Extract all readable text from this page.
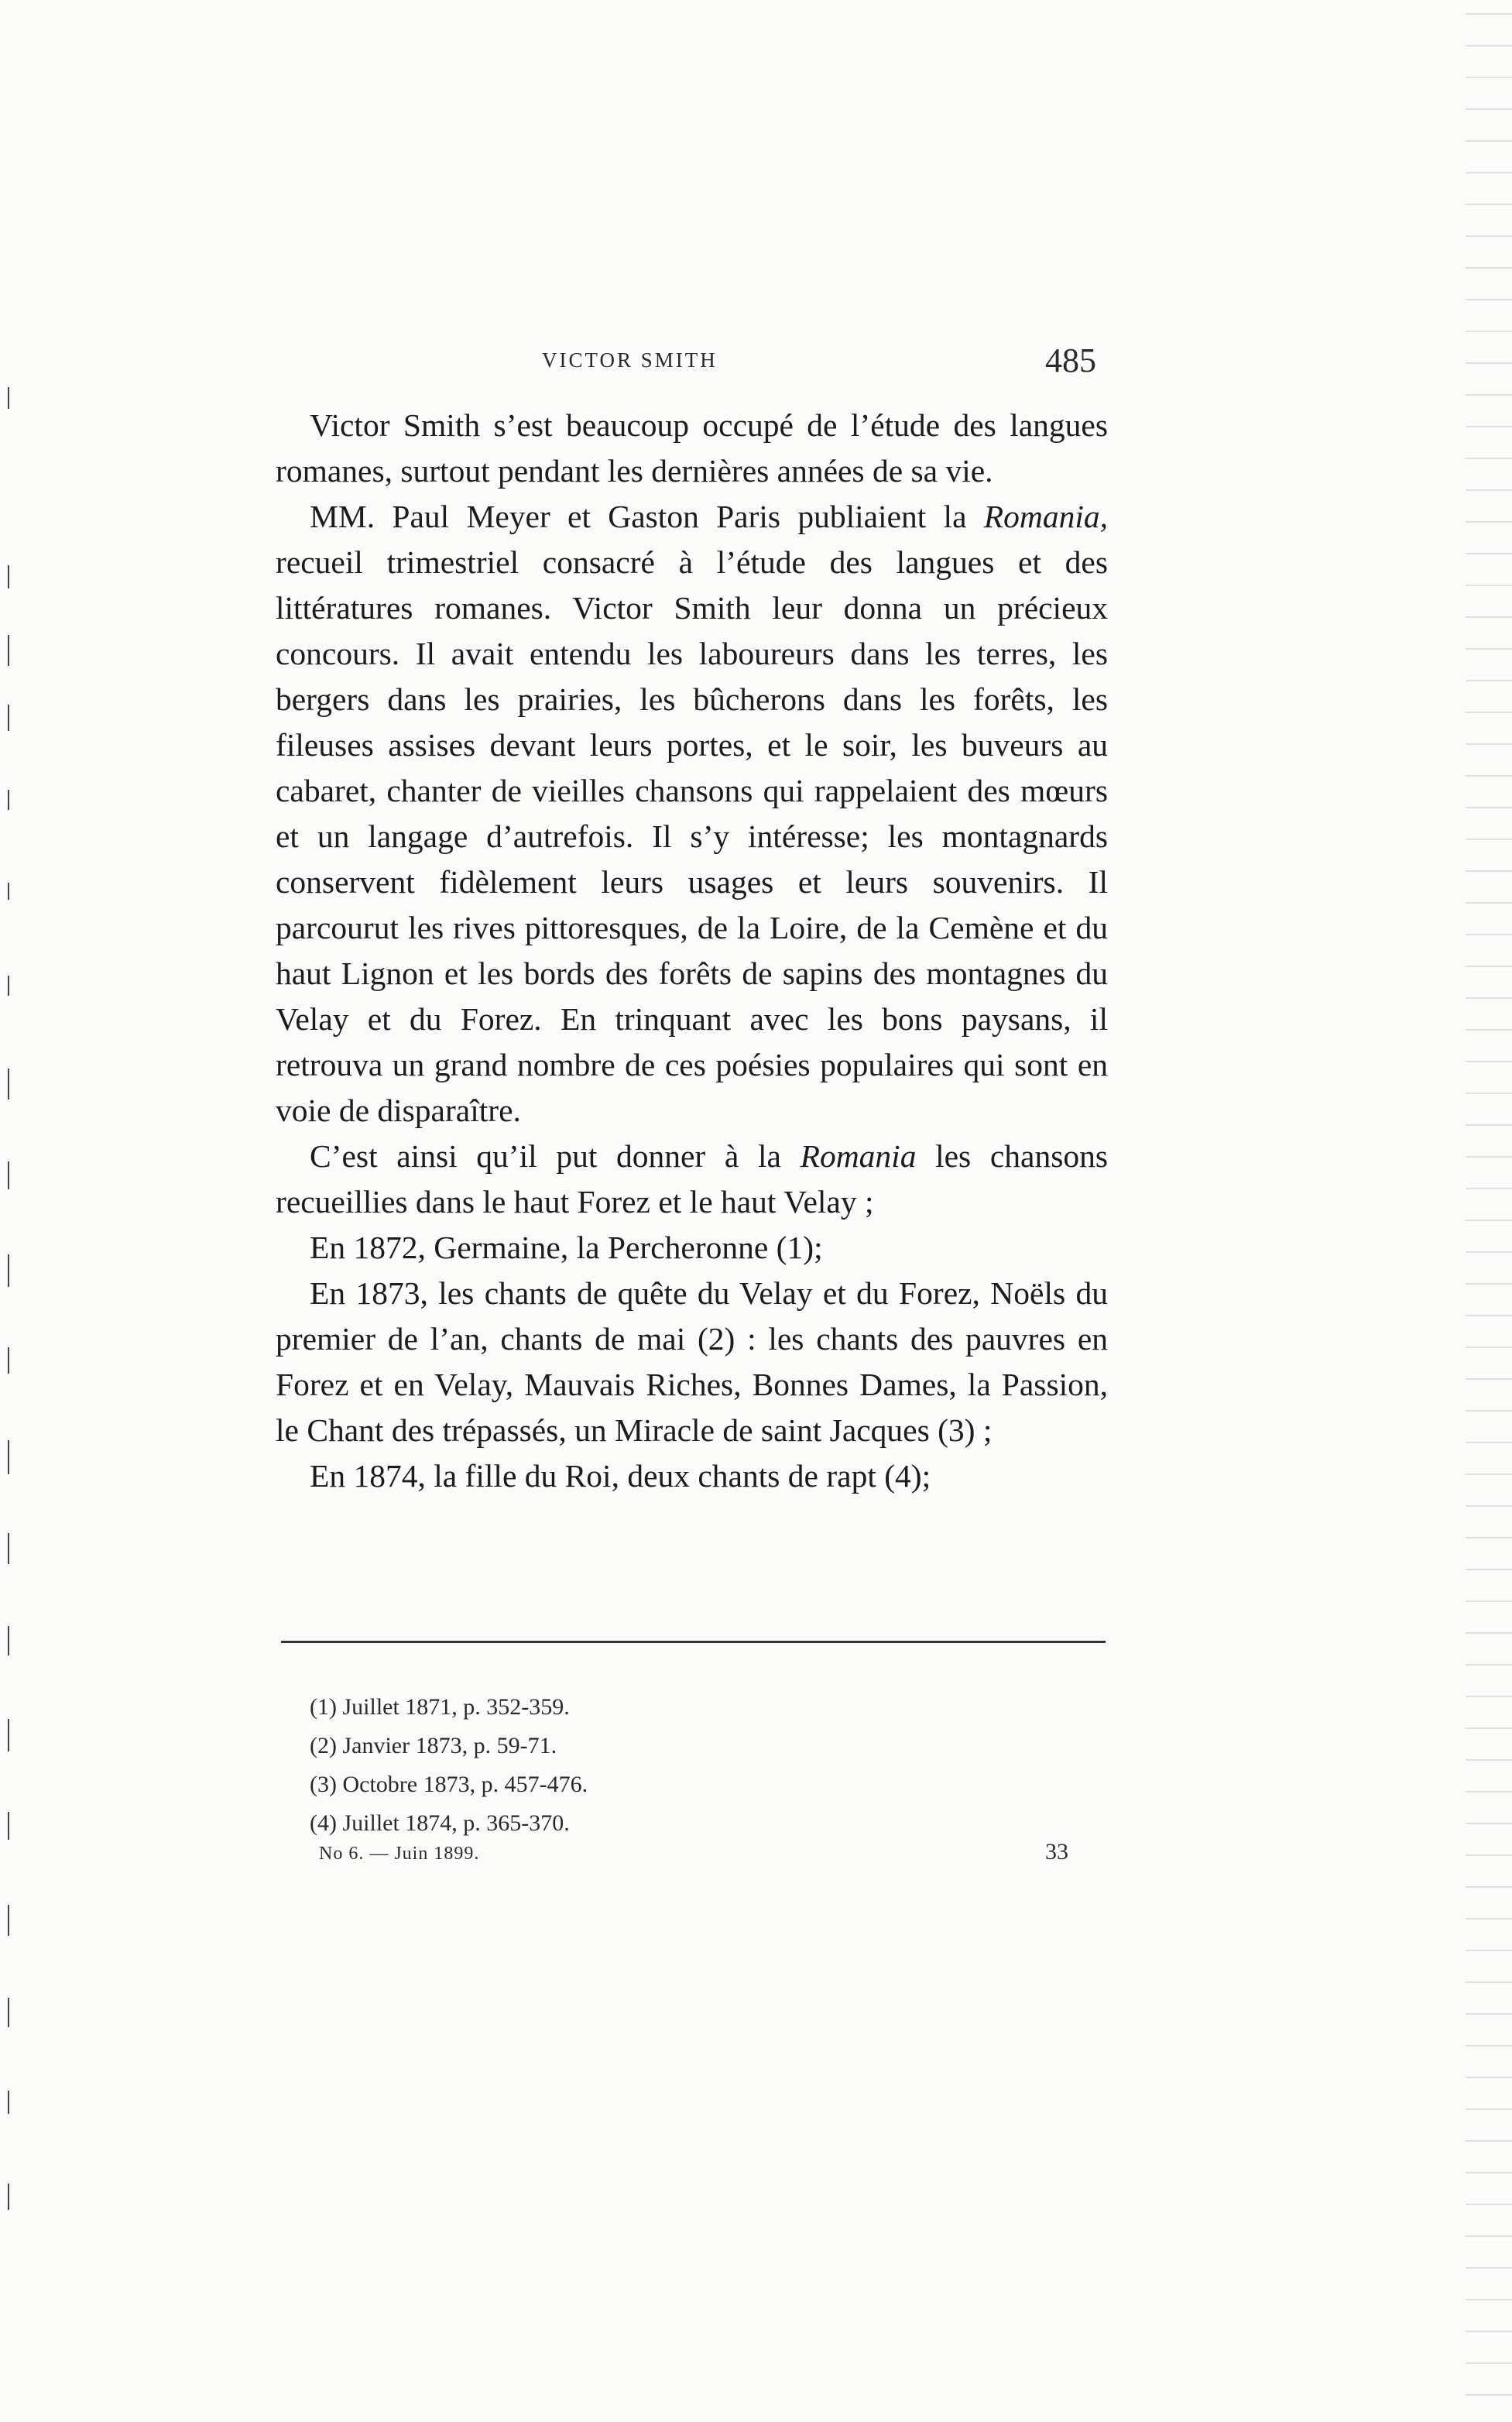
VICTOR SMITH	485

Victor Smith s’est beaucoup occupé de l’étude des langues romanes, surtout pendant les dernières années de sa vie.

MM. Paul Meyer et Gaston Paris publiaient la Romania, recueil trimestriel consacré à l’étude des langues et des littératures romanes. Victor Smith leur donna un précieux concours. Il avait entendu les laboureurs dans les terres, les bergers dans les prairies, les bûcherons dans les forêts, les fileuses assises devant leurs portes, et le soir, les buveurs au cabaret, chanter de vieilles chansons qui rappelaient des mœurs et un langage d’autrefois. Il s’y intéresse; les montagnards conservent fidèlement leurs usages et leurs souvenirs. Il parcourut les rives pittoresques, de la Loire, de la Cemène et du haut Lignon et les bords des forêts de sapins des montagnes du Velay et du Forez. En trinquant avec les bons paysans, il retrouva un grand nombre de ces poésies populaires qui sont en voie de disparaître.

C’est ainsi qu’il put donner à la Romania les chansons recueillies dans le haut Forez et le haut Velay ;

En 1872, Germaine, la Percheronne (1);

En 1873, les chants de quête du Velay et du Forez, Noëls du premier de l’an, chants de mai (2) : les chants des pauvres en Forez et en Velay, Mauvais Riches, Bonnes Dames, la Passion, le Chant des trépassés, un Miracle de saint Jacques (3) ;

En 1874, la fille du Roi, deux chants de rapt (4);

(1) Juillet 1871, p. 352-359.
(2) Janvier 1873, p. 59-71.
(3) Octobre 1873, p. 457-476.
(4) Juillet 1874, p. 365-370.
No 6. — Juin 1899.	33
